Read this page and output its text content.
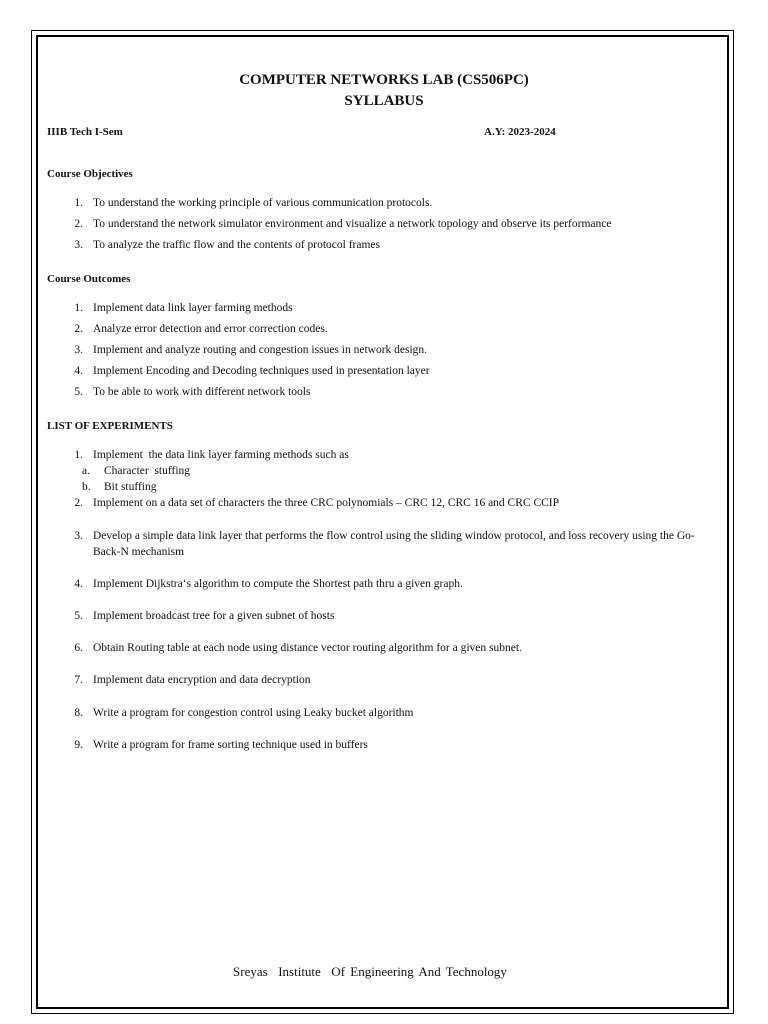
COMPUTER NETWORKS LAB (CS506PC)
SYLLABUS
IIIB Tech I-Sem	A.Y: 2023-2024
Course Objectives
1. To understand the working principle of various communication protocols.
2. To understand the network simulator environment and visualize a network topology and observe its performance
3. To analyze the traffic flow and the contents of protocol frames
Course Outcomes
1. Implement data link layer farming methods
2. Analyze error detection and error correction codes.
3. Implement and analyze routing and congestion issues in network design.
4. Implement Encoding and Decoding techniques used in presentation layer
5. To be able to work with different network tools
LIST OF EXPERIMENTS
1. Implement  the data link layer farming methods such as
a. Character  stuffing
b. Bit stuffing
2. Implement on a data set of characters the three CRC polynomials – CRC 12, CRC 16 and CRC CCIP
3. Develop a simple data link layer that performs the flow control using the sliding window protocol, and loss recovery using the Go-Back-N mechanism
4. Implement Dijkstra‘s algorithm to compute the Shortest path thru a given graph.
5. Implement broadcast tree for a given subnet of hosts
6. Obtain Routing table at each node using distance vector routing algorithm for a given subnet.
7. Implement data encryption and data decryption
8. Write a program for congestion control using Leaky bucket algorithm
9. Write a program for frame sorting technique used in buffers
Sreyas  Institute  Of Engineering And Technology
